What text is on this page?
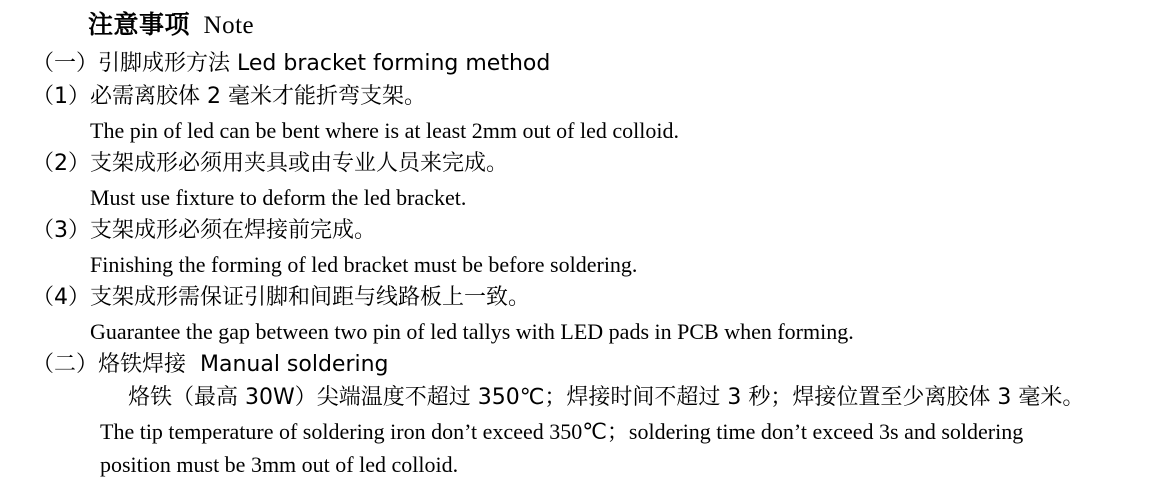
注意事项 Note
（一）引脚成形方法 Led bracket forming method
（1）必需离胶体 2 毫米才能折弯支架。
The pin of led can be bent where is at least 2mm out of led colloid.
（2）支架成形必须用夹具或由专业人员来完成。
Must use fixture to deform the led bracket.
（3）支架成形必须在焊接前完成。
Finishing the forming of led bracket must be before soldering.
（4）支架成形需保证引脚和间距与线路板上一致。
Guarantee the gap between two pin of led tallys with LED pads in PCB when forming.
（二）烙铁焊接  Manual soldering
烙铁（最高 30W）尖端温度不超过 350℃；焊接时间不超过 3 秒；焊接位置至少离胶体 3 毫米。
The tip temperature of soldering iron don’t exceed 350℃；soldering time don’t exceed 3s and soldering
position must be 3mm out of led colloid.
